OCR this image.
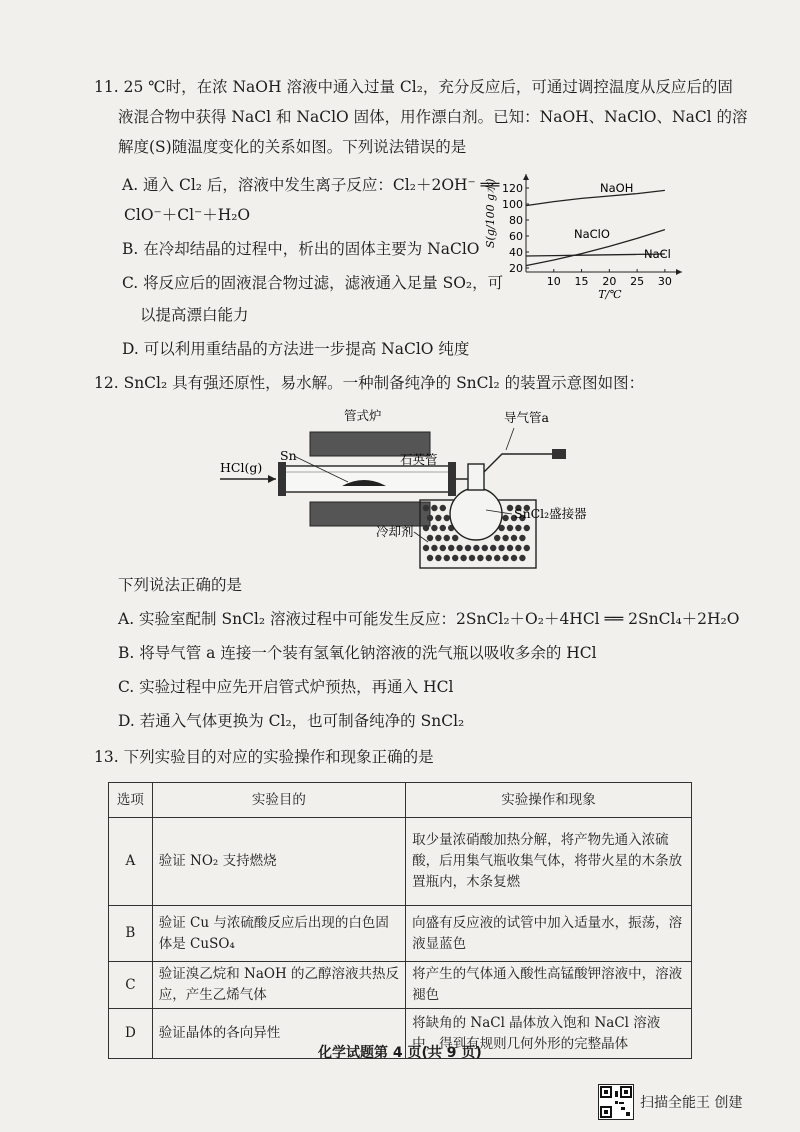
11. 25 ℃时，在浓 NaOH 溶液中通入过量 Cl₂，充分反应后，可通过调控温度从反应后的固
液混合物中获得 NaCl 和 NaClO 固体，用作漂白剂。已知：NaOH、NaClO、NaCl 的溶
解度(S)随温度变化的关系如图。下列说法错误的是
A. 通入 Cl₂ 后，溶液中发生离子反应：Cl₂＋2OH⁻ ══
ClO⁻＋Cl⁻＋H₂O
B. 在冷却结晶的过程中，析出的固体主要为 NaClO
C. 将反应后的固液混合物过滤，滤液通入足量 SO₂，可
以提高漂白能力
D. 可以利用重结晶的方法进一步提高 NaClO 纯度
10 15 20 25 30
20
40
60
80
100
120	NaOH
NaClO
NaCl
S(g/100 g水)
T/℃
12. SnCl₂ 具有强还原性，易水解。一种制备纯净的 SnCl₂ 的装置示意图如图：
管式炉
石英管
Sn
HCl(g)
导气管a
SnCl₂盛接器
冷却剂
下列说法正确的是
A. 实验室配制 SnCl₂ 溶液过程中可能发生反应：2SnCl₂＋O₂＋4HCl ══ 2SnCl₄＋2H₂O
B. 将导气管 a 连接一个装有氢氧化钠溶液的洗气瓶以吸收多余的 HCl
C. 实验过程中应先开启管式炉预热，再通入 HCl
D. 若通入气体更换为 Cl₂，也可制备纯净的 SnCl₂
13. 下列实验目的对应的实验操作和现象正确的是
选项	实验目的	实验操作和现象
A	验证 NO₂ 支持燃烧	取少量浓硝酸加热分解，将产物先通入浓硫酸，后用集气瓶收集气体，将带火星的木条放置瓶内，木条复燃
B	验证 Cu 与浓硫酸反应后出现的白色固体是 CuSO₄	向盛有反应液的试管中加入适量水，振荡，溶液显蓝色
C	验证溴乙烷和 NaOH 的乙醇溶液共热反应，产生乙烯气体	将产生的气体通入酸性高锰酸钾溶液中，溶液褪色
D	验证晶体的各向异性	将缺角的 NaCl 晶体放入饱和 NaCl 溶液中，得到有规则几何外形的完整晶体
化学试题第 4 页(共 9 页)
扫描全能王 创建
